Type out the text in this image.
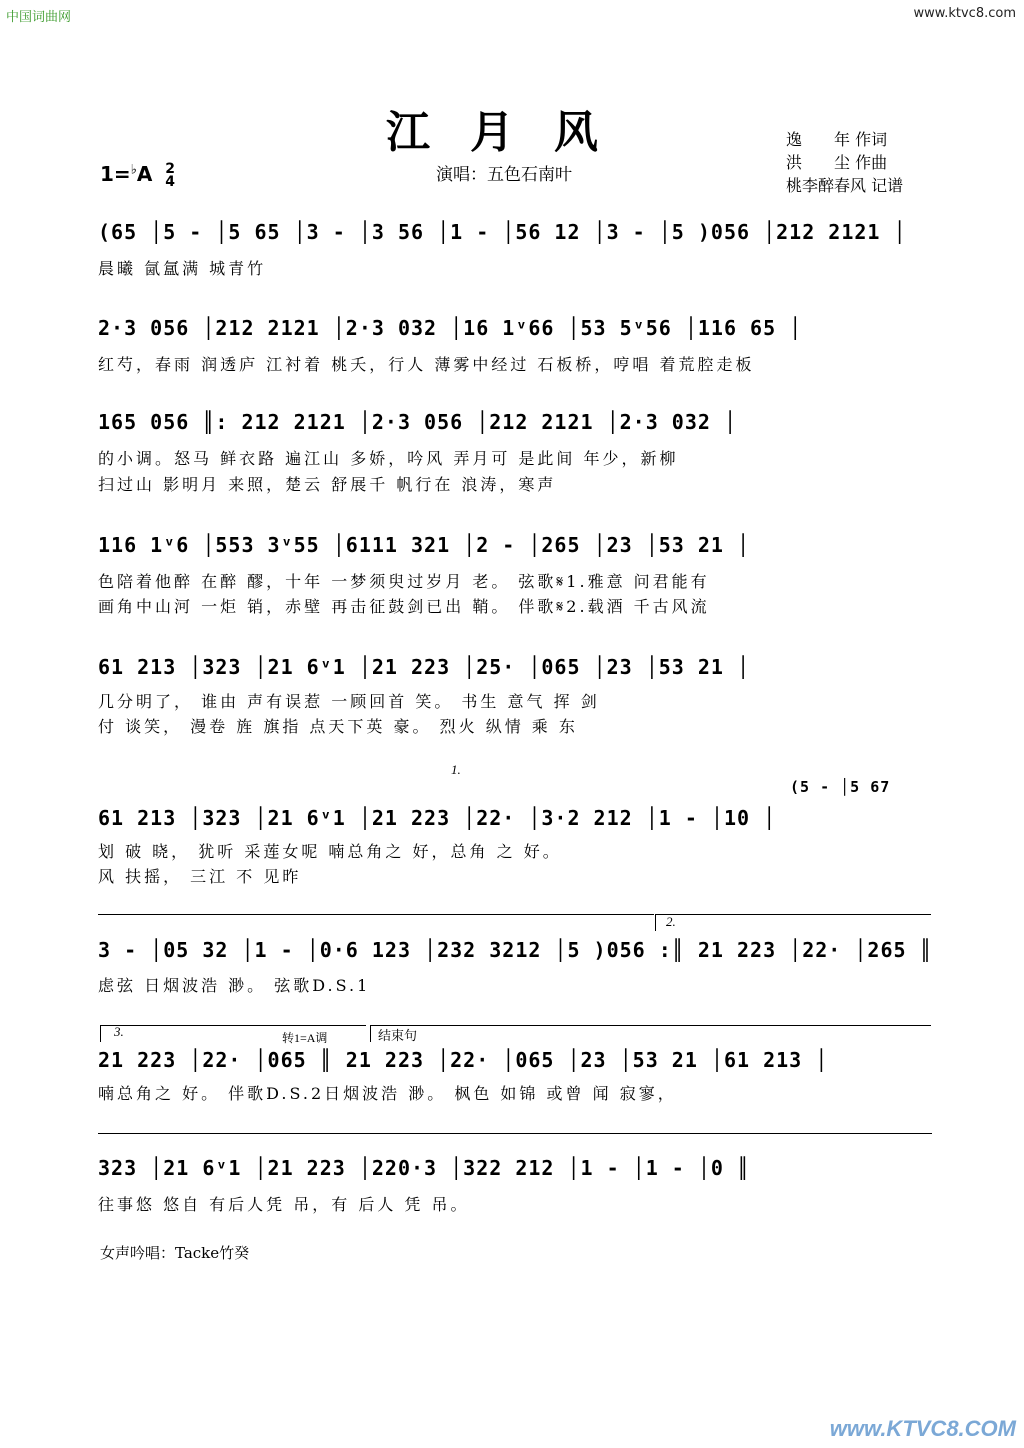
中国词曲网	www.ktvc8.com
江月风	逸　　年 作词
洪　　尘 作曲
桃李醉春风 记谱
1=♭A 2
4	演唱：五色石南叶
(65 │5 - │5 65 │3 - │3 56 │1 - │56 12 │3 - │5 )056 │212 2121 │
晨曦 氤氲满 城青竹
2·3 056 │212 2121 │2·3 032 │16 1ᵛ66 │53 5ᵛ56 │116 65 │
红芍，春雨 润透庐 江衬着 桃夭，行人 薄雾中经过 石板桥，哼唱 着荒腔走板
165 056 ║: 212 2121 │2·3 056 │212 2121 │2·3 032 │
的小调。怒马 鲜衣路 遍江山 多娇，吟风 弄月可 是此间 年少，新柳
扫过山 影明月 来照，楚云 舒展千 帆行在 浪涛，寒声
116 1ᵛ6 │553 3ᵛ55 │6111 321 │2 - │265 │23 │53 21 │
色陪着他醉 在醉 醪，十年 一梦须臾过岁月 老。 弦歌𝄋1.雅意 问君能有
画角中山河 一炬 销，赤壁 再击征鼓剑已出 鞘。 伴歌𝄋2.载酒 千古风流
61 213 │323 │21 6ᵛ1 │21 223 │25· │065 │23 │53 21 │
几分明了， 谁由 声有误惹 一顾回首 笑。 书生 意气 挥 剑
付 谈笑， 漫卷 旌 旗指 点天下英 豪。 烈火 纵情 乘 东
1.
(5 - │5 67
61 213 │323 │21 6ᵛ1 │21 223 │22· │3·2 212 │1 - │10 │
划 破 晓， 犹听 采莲女呢 喃总角之 好，总角 之 好。
风 扶摇， 三江 不 见昨
2.
3 - │05 32 │1 - │0·6 123 │232 3212 │5 )056 :║ 21 223 │22· │265 ║
虑弦 日烟波浩 渺。 弦歌D.S.1
3.	转1=A调	结束句
21 223 │22· │065 ║ 21 223 │22· │065 │23 │53 21 │61 213 │
喃总角之 好。 伴歌D.S.2日烟波浩 渺。 枫色 如锦 或曾 闻 寂寥，
323 │21 6ᵛ1 │21 223 │220·3 │322 212 │1 - │1 - │0 ║
往事悠 悠自 有后人凭 吊，有 后人 凭 吊。
女声吟唱：Tacke竹癸
www.KTVC8.COM
